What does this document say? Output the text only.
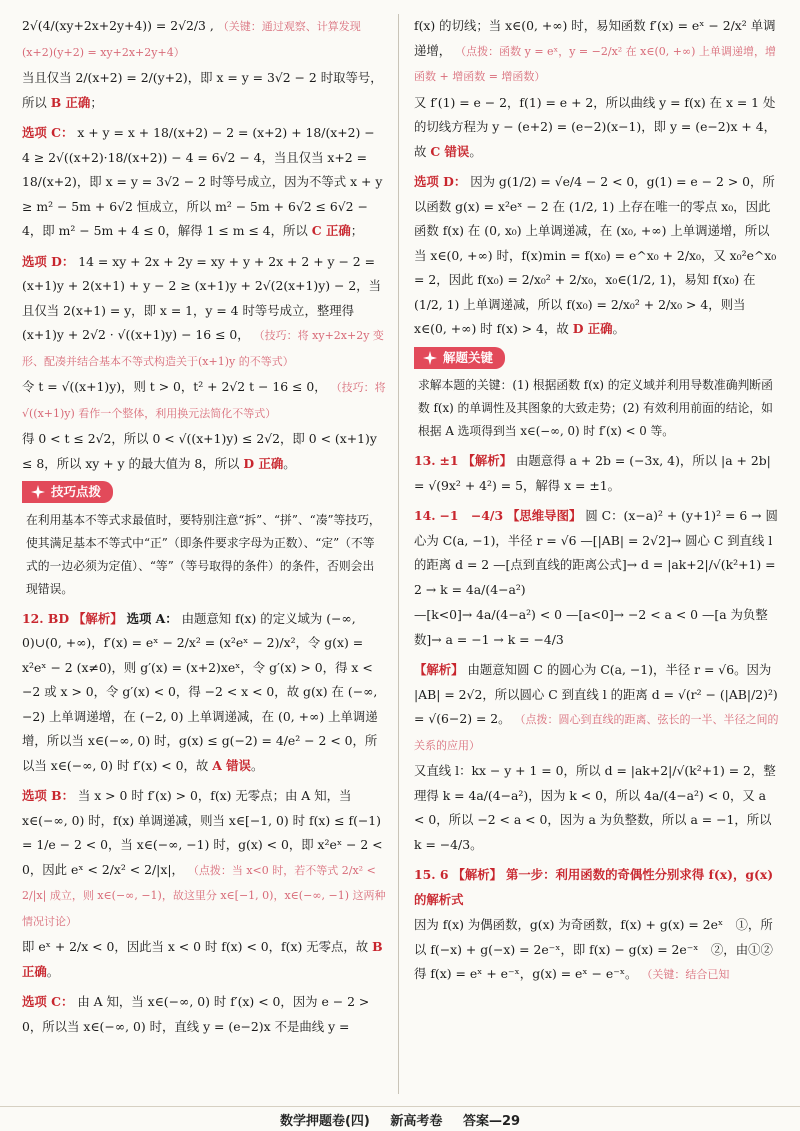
2√(4/(xy+2x+2y+4)) = 2√2/3 , （关键：通过观察、计算发现(x+2)(y+2) = xy+2x+2y+4）

当且仅当 2/(x+2) = 2/(y+2)，即 x = y = 3√2 − 2 时取等号，所以 B 正确；

选项 C： x + y = x + 18/(x+2) − 2 = (x+2) + 18/(x+2) − 4 ≥ 2√((x+2)·18/(x+2)) − 4 = 6√2 − 4，当且仅当 x+2 = 18/(x+2)，即 x = y = 3√2 − 2 时等号成立，因为不等式 x + y ≥ m² − 5m + 6√2 恒成立，所以 m² − 5m + 6√2 ≤ 6√2 − 4，即 m² − 5m + 4 ≤ 0，解得 1 ≤ m ≤ 4，所以 C 正确；

选项 D： 14 = xy + 2x + 2y = xy + y + 2x + 2 + y − 2 = (x+1)y + 2(x+1) + y − 2 ≥ (x+1)y + 2√(2(x+1)y) − 2，当且仅当 2(x+1) = y，即 x = 1，y = 4 时等号成立，整理得 (x+1)y + 2√2 · √((x+1)y) − 16 ≤ 0， （技巧：将 xy+2x+2y 变形、配凑并结合基本不等式构造关于(x+1)y 的不等式）

令 t = √((x+1)y)，则 t > 0，t² + 2√2 t − 16 ≤ 0， （技巧：将 √((x+1)y) 看作一个整体，利用换元法简化不等式）

得 0 < t ≤ 2√2，所以 0 < √((x+1)y) ≤ 2√2，即 0 < (x+1)y ≤ 8，所以 xy + y 的最大值为 8，所以 D 正确。

技巧点拨

在利用基本不等式求最值时，要特别注意“拆”、“拼”、“凑”等技巧，使其满足基本不等式中“正”（即条件要求字母为正数）、“定”（不等式的一边必须为定值）、“等”（等号取得的条件）的条件，否则会出现错误。

12. BD 【解析】 选项 A： 由题意知 f(x) 的定义域为 (−∞, 0)∪(0, +∞)，f′(x) = eˣ − 2/x² = (x²eˣ − 2)/x²，令 g(x) = x²eˣ − 2 (x≠0)，则 g′(x) = (x+2)xeˣ，令 g′(x) > 0，得 x < −2 或 x > 0，令 g′(x) < 0，得 −2 < x < 0，故 g(x) 在 (−∞, −2) 上单调递增，在 (−2, 0) 上单调递减，在 (0, +∞) 上单调递增，所以当 x∈(−∞, 0) 时，g(x) ≤ g(−2) = 4/e² − 2 < 0，所以当 x∈(−∞, 0) 时 f′(x) < 0，故 A 错误。

选项 B： 当 x > 0 时 f′(x) > 0，f(x) 无零点；由 A 知，当 x∈(−∞, 0) 时，f(x) 单调递减，则当 x∈[−1, 0) 时 f(x) ≤ f(−1) = 1/e − 2 < 0，当 x∈(−∞, −1) 时，g(x) < 0，即 x²eˣ − 2 < 0，因此 eˣ < 2/x² < 2/|x|， （点拨：当 x<0 时，若不等式 2/x² < 2/|x| 成立，则 x∈(−∞, −1)，故这里分 x∈[−1, 0)，x∈(−∞, −1) 这两种情况讨论）

即 eˣ + 2/x < 0，因此当 x < 0 时 f(x) < 0，f(x) 无零点，故 B 正确。

选项 C： 由 A 知，当 x∈(−∞, 0) 时 f′(x) < 0，因为 e − 2 > 0，所以当 x∈(−∞, 0) 时，直线 y = (e−2)x 不是曲线 y =

f(x) 的切线；当 x∈(0, +∞) 时，易知函数 f′(x) = eˣ − 2/x² 单调递增， （点拨：函数 y = eˣ，y = −2/x² 在 x∈(0, +∞) 上单调递增，增函数 + 增函数 = 增函数）

又 f′(1) = e − 2，f(1) = e + 2，所以曲线 y = f(x) 在 x = 1 处的切线方程为 y − (e+2) = (e−2)(x−1)，即 y = (e−2)x + 4，故 C 错误。

选项 D： 因为 g(1/2) = √e/4 − 2 < 0，g(1) = e − 2 > 0，所以函数 g(x) = x²eˣ − 2 在 (1/2, 1) 上存在唯一的零点 x₀，因此函数 f(x) 在 (0, x₀) 上单调递减，在 (x₀, +∞) 上单调递增，所以当 x∈(0, +∞) 时，f(x)min = f(x₀) = e^x₀ + 2/x₀，又 x₀²e^x₀ = 2，因此 f(x₀) = 2/x₀² + 2/x₀，x₀∈(1/2, 1)，易知 f(x₀) 在 (1/2, 1) 上单调递减，所以 f(x₀) = 2/x₀² + 2/x₀ > 4，则当 x∈(0, +∞) 时 f(x) > 4，故 D 正确。

解题关键

求解本题的关键：(1) 根据函数 f(x) 的定义域并利用导数准确判断函数 f(x) 的单调性及其图象的大致走势；(2) 有效利用前面的结论，如根据 A 选项得到当 x∈(−∞, 0) 时 f′(x) < 0 等。

13. ±1 【解析】 由题意得 a + 2b = (−3x, 4)，所以 |a + 2b| = √(9x² + 4²) = 5，解得 x = ±1。

14. −1　−4/3 【思维导图】 圆 C：(x−a)² + (y+1)² = 6 → 圆心为 C(a, −1)，半径 r = √6 —[|AB| = 2√2]→ 圆心 C 到直线 l 的距离 d = 2 —[点到直线的距离公式]→ d = |ak+2|/√(k²+1) = 2 → k = 4a/(4−a²)

—[k<0]→ 4a/(4−a²) < 0 —[a<0]→ −2 < a < 0 —[a 为负整数]→ a = −1 → k = −4/3

【解析】 由题意知圆 C 的圆心为 C(a, −1)，半径 r = √6。因为 |AB| = 2√2，所以圆心 C 到直线 l 的距离 d = √(r² − (|AB|/2)²) = √(6−2) = 2。 （点拨：圆心到直线的距离、弦长的一半、半径之间的关系的应用）

又直线 l：kx − y + 1 = 0，所以 d = |ak+2|/√(k²+1) = 2，整理得 k = 4a/(4−a²)，因为 k < 0，所以 4a/(4−a²) < 0，又 a < 0，所以 −2 < a < 0，因为 a 为负整数，所以 a = −1，所以 k = −4/3。

15. 6 【解析】 第一步：利用函数的奇偶性分别求得 f(x)，g(x) 的解析式

因为 f(x) 为偶函数，g(x) 为奇函数，f(x) + g(x) = 2eˣ　①，所以 f(−x) + g(−x) = 2e⁻ˣ，即 f(x) − g(x) = 2e⁻ˣ　②，由①②得 f(x) = eˣ + e⁻ˣ，g(x) = eˣ − e⁻ˣ。 （关键：结合已知

数学押题卷(四) 新高考卷 答案—29
